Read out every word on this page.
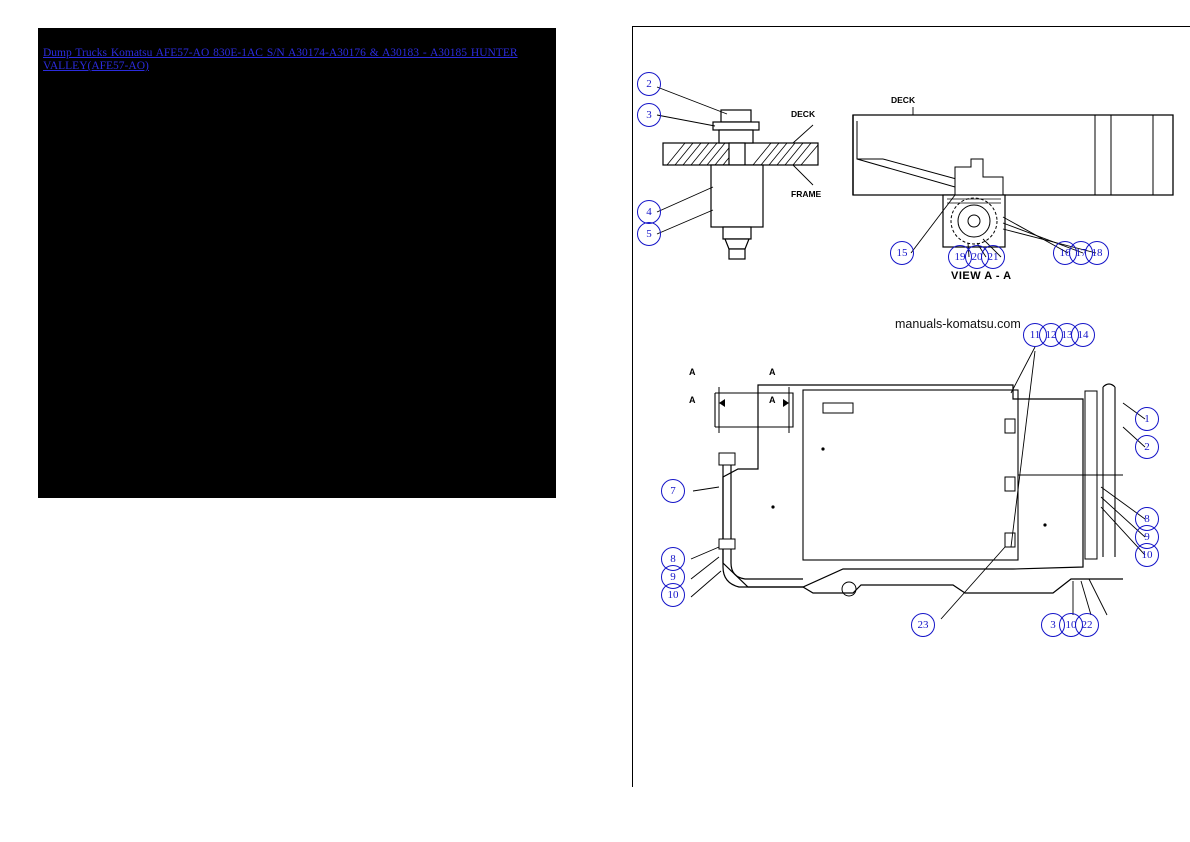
Dump Trucks Komatsu AFE57-AO 830E-1AC S/N A30174-A30176 & A30183 - A30185 HUNTER VALLEY(AFE57-AO)
DECK
FRAME
2
3
4
5
DECK
15	19 20 21	16 17 18
VIEW A - A
manuals-komatsu.com
A	A
A	A
11 12 13 14
1
2
8
9
10
7
8
9
10
23	3 10 22
